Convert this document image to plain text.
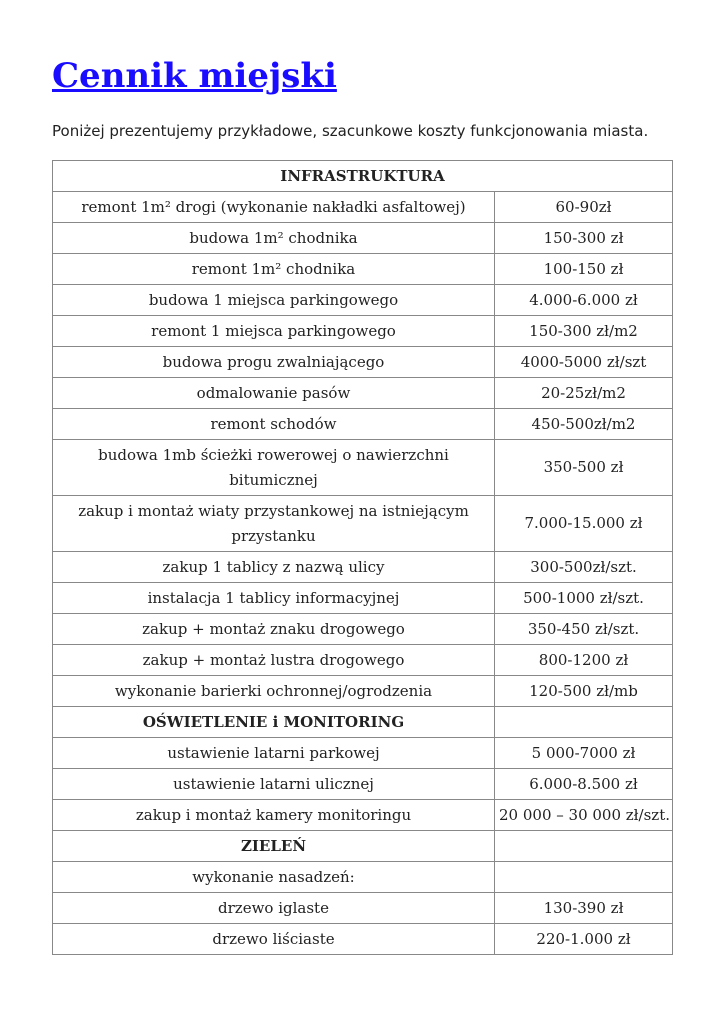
Cennik miejski

Poniżej prezentujemy przykładowe, szacunkowe koszty funkcjonowania miasta.

INFRASTRUKTURA	
remont 1m² drogi (wykonanie nakładki asfaltowej)	60-90zł
budowa 1m² chodnika	150-300 zł
remont 1m² chodnika	100-150 zł
budowa 1 miejsca parkingowego	4.000-6.000 zł
remont 1 miejsca parkingowego	150-300 zł/m2
budowa progu zwalniającego	4000-5000 zł/szt
odmalowanie pasów	20-25zł/m2
remont schodów	450-500zł/m2
budowa 1mb ścieżki rowerowej o nawierzchni bitumicznej	350-500 zł
zakup i montaż wiaty przystankowej na istniejącym przystanku	7.000-15.000 zł
zakup 1 tablicy z nazwą ulicy	300-500zł/szt.
instalacja 1 tablicy informacyjnej	500-1000 zł/szt.
zakup + montaż znaku drogowego	350-450 zł/szt.
zakup + montaż lustra drogowego	800-1200 zł
wykonanie barierki ochronnej/ogrodzenia	120-500 zł/mb
OŚWIETLENIE i MONITORING	
ustawienie latarni parkowej	5 000-7000 zł
ustawienie latarni ulicznej	6.000-8.500 zł
zakup i montaż kamery monitoringu	20 000 – 30 000 zł/szt.
ZIELEŃ	
wykonanie nasadzeń:	
drzewo iglaste	130-390 zł
drzewo liściaste	220-1.000 zł
